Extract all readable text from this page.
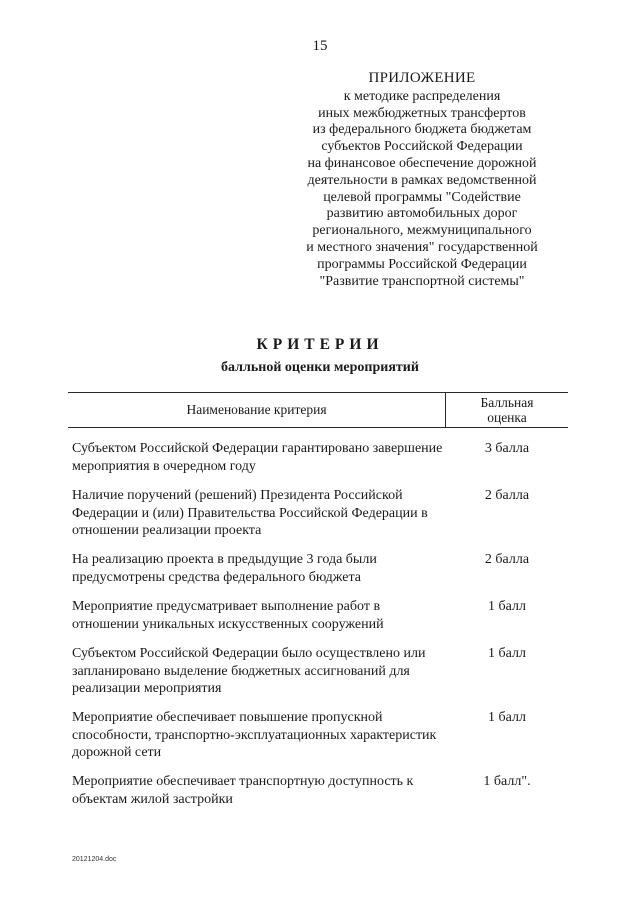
15
ПРИЛОЖЕНИЕ
к методике распределения
иных межбюджетных трансфертов
из федерального бюджета бюджетам
субъектов Российской Федерации
на финансовое обеспечение дорожной
деятельности в рамках ведомственной
целевой программы "Содействие
развитию автомобильных дорог
регионального, межмуниципального
и местного значения" государственной
программы Российской Федерации
"Развитие транспортной системы"
КРИТЕРИИ
балльной оценки мероприятий
Наименование критерия	Балльная
оценка
Субъектом Российской Федерации гарантировано завершение мероприятия в очередном году
3 балла
Наличие поручений (решений) Президента Российской Федерации и (или) Правительства Российской Федерации в отношении реализации проекта
2 балла
На реализацию проекта в предыдущие 3 года были предусмотрены средства федерального бюджета
2 балла
Мероприятие предусматривает выполнение работ в отношении уникальных искусственных сооружений
1 балл
Субъектом Российской Федерации было осуществлено или запланировано выделение бюджетных ассигнований для реализации мероприятия
1 балл
Мероприятие обеспечивает повышение пропускной способности, транспортно-эксплуатационных характеристик дорожной сети
1 балл
Мероприятие обеспечивает транспортную доступность к объектам жилой застройки
1 балл".
20121204.doc
